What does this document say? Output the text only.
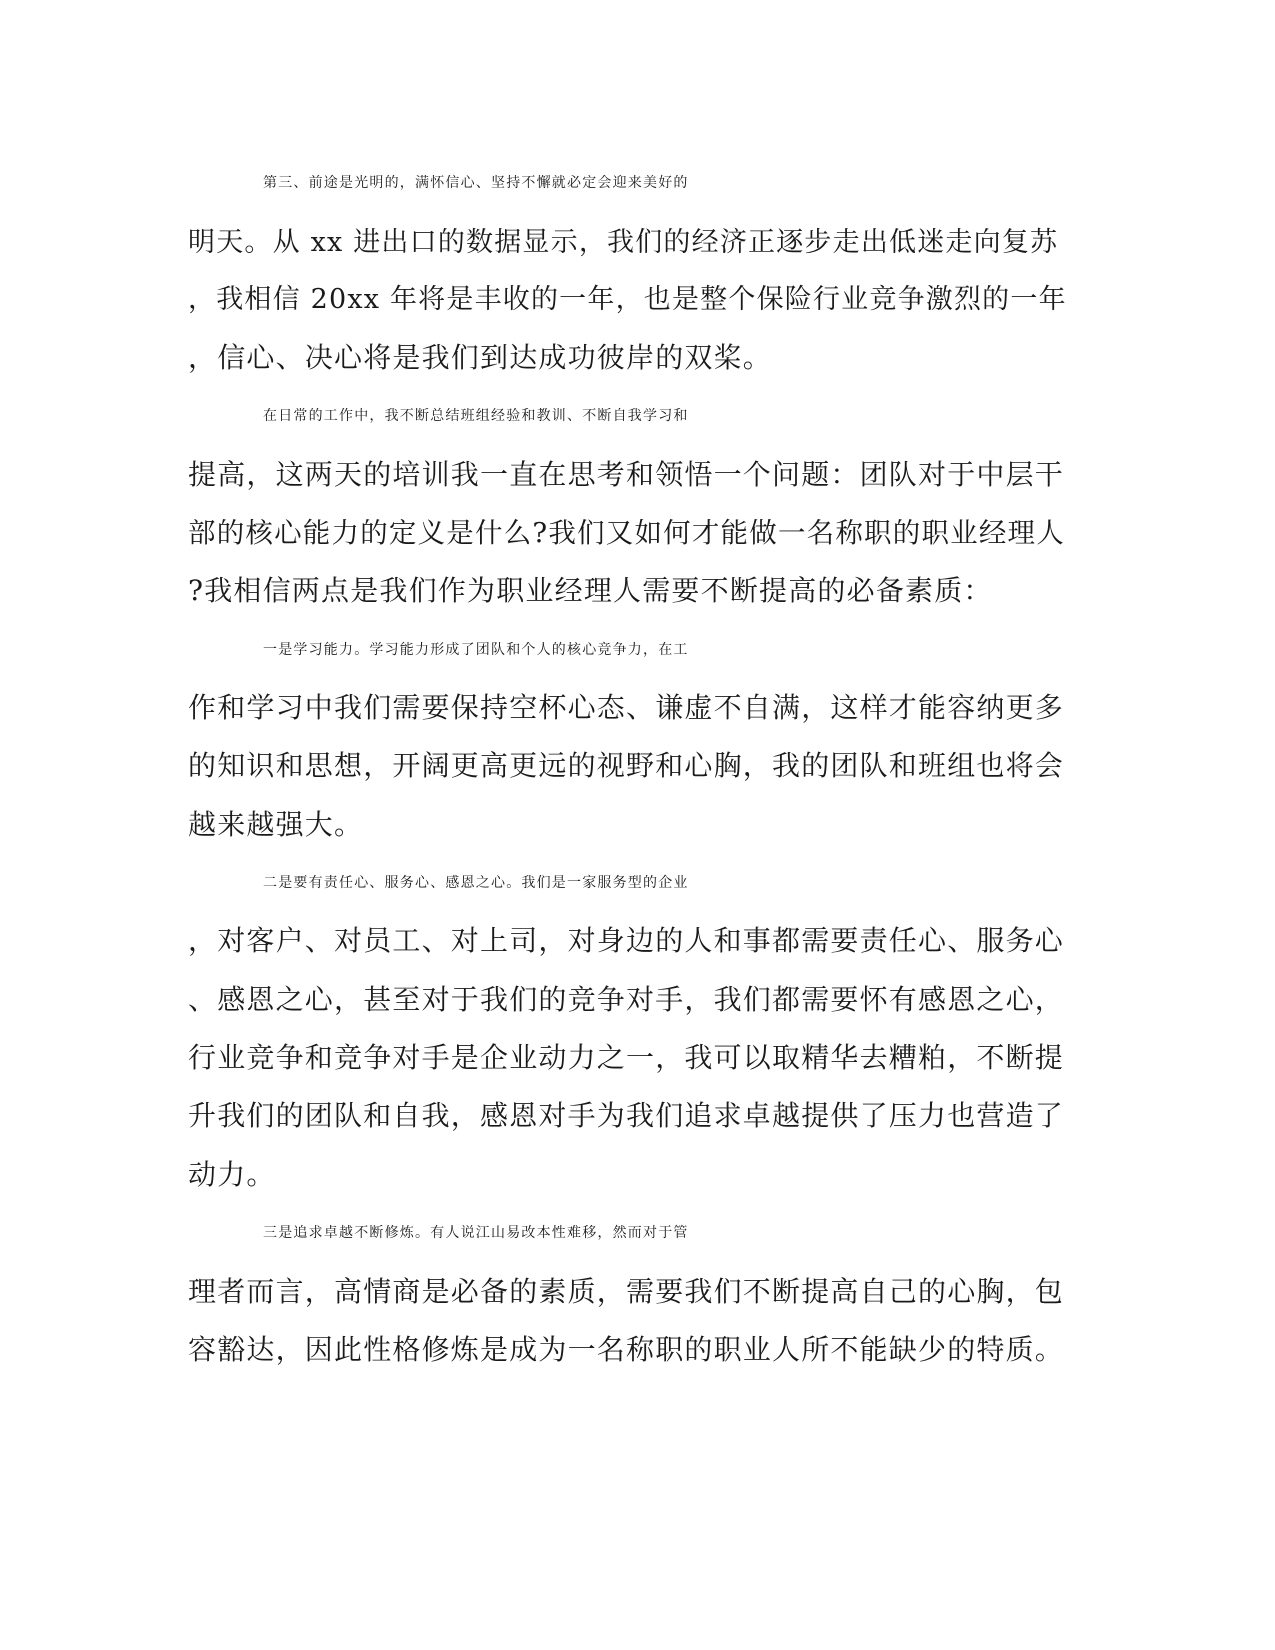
第三、前途是光明的，满怀信心、坚持不懈就必定会迎来美好的
明天。从 xx 进出口的数据显示，我们的经济正逐步走出低迷走向复苏
，我相信 20xx 年将是丰收的一年，也是整个保险行业竞争激烈的一年
，信心、决心将是我们到达成功彼岸的双桨。
在日常的工作中，我不断总结班组经验和教训、不断自我学习和
提高，这两天的培训我一直在思考和领悟一个问题：团队对于中层干
部的核心能力的定义是什么?我们又如何才能做一名称职的职业经理人
?我相信两点是我们作为职业经理人需要不断提高的必备素质：
一是学习能力。学习能力形成了团队和个人的核心竞争力，在工
作和学习中我们需要保持空杯心态、谦虚不自满，这样才能容纳更多
的知识和思想，开阔更高更远的视野和心胸，我的团队和班组也将会
越来越强大。
二是要有责任心、服务心、感恩之心。我们是一家服务型的企业
，对客户、对员工、对上司，对身边的人和事都需要责任心、服务心
、感恩之心，甚至对于我们的竞争对手，我们都需要怀有感恩之心，
行业竞争和竞争对手是企业动力之一，我可以取精华去糟粕，不断提
升我们的团队和自我，感恩对手为我们追求卓越提供了压力也营造了
动力。
三是追求卓越不断修炼。有人说江山易改本性难移，然而对于管
理者而言，高情商是必备的素质，需要我们不断提高自己的心胸，包
容豁达，因此性格修炼是成为一名称职的职业人所不能缺少的特质。
